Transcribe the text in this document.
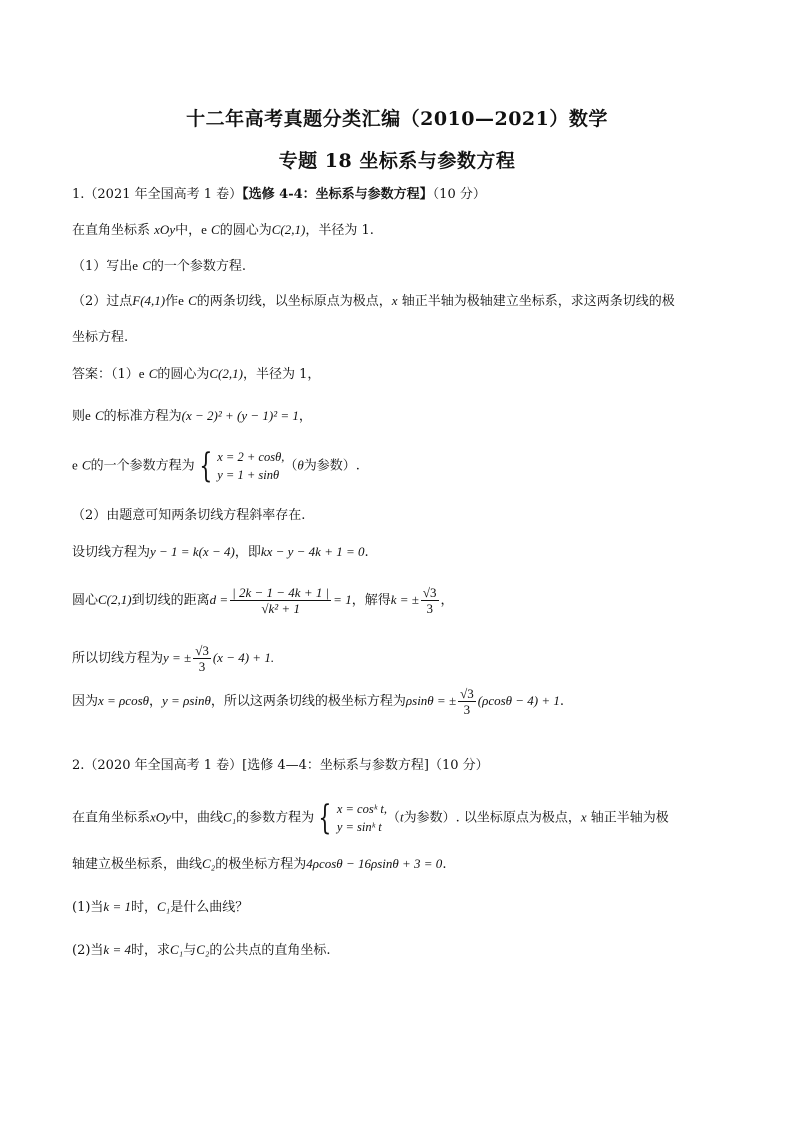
十二年高考真题分类汇编（2010—2021）数学
专题 18 坐标系与参数方程
1.（2021 年全国高考 1 卷）【选修 4-4：坐标系与参数方程】（10 分）
在直角坐标系 xOy中，e C的圆心为C(2,1)，半径为 1.
（1）写出e C的一个参数方程.
（2）过点F(4,1)作e C的两条切线，以坐标原点为极点，x 轴正半轴为极轴建立坐标系，求这两条切线的极
坐标方程.
答案：（1）e C的圆心为C(2,1)，半径为 1，
则e C的标准方程为(x − 2)² + (y − 1)² = 1，
e C的一个参数方程为 { x = 2 + cosθ,
y = 1 + sinθ
（θ为参数）.
（2）由题意可知两条切线方程斜率存在.
设切线方程为y − 1 = k(x − 4)，即kx − y − 4k + 1 = 0.
圆心C(2,1)到切线的距离$d = \frac{| 2k - 1 - 4k + 1 |}{\text{√k² + 1}} = 1$，解得k = ± $\frac{√3}{3}$ ，
所以切线方程为y = ± $\frac{√3}{3} (x - 4) + 1$.
因为x = ρcosθ，y = ρsinθ，所以这两条切线的极坐标方程为ρsinθ = ± $\frac{√3}{3} (\rho\cos\theta - 4) + 1$.
2.（2020 年全国高考 1 卷）[选修 4—4：坐标系与参数方程]（10 分）
在直角坐标系xOy中，曲线C₁的参数方程为 { x = cosᵏ t,
y = sinᵏ t
（t为参数）. 以坐标原点为极点，x 轴正半轴为极
轴建立极坐标系，曲线C₂的极坐标方程为4ρcosθ − 16ρsinθ + 3 = 0.
(1)当k = 1时，C₁是什么曲线？
(2)当k = 4时，求C₁与C₂的公共点的直角坐标.
